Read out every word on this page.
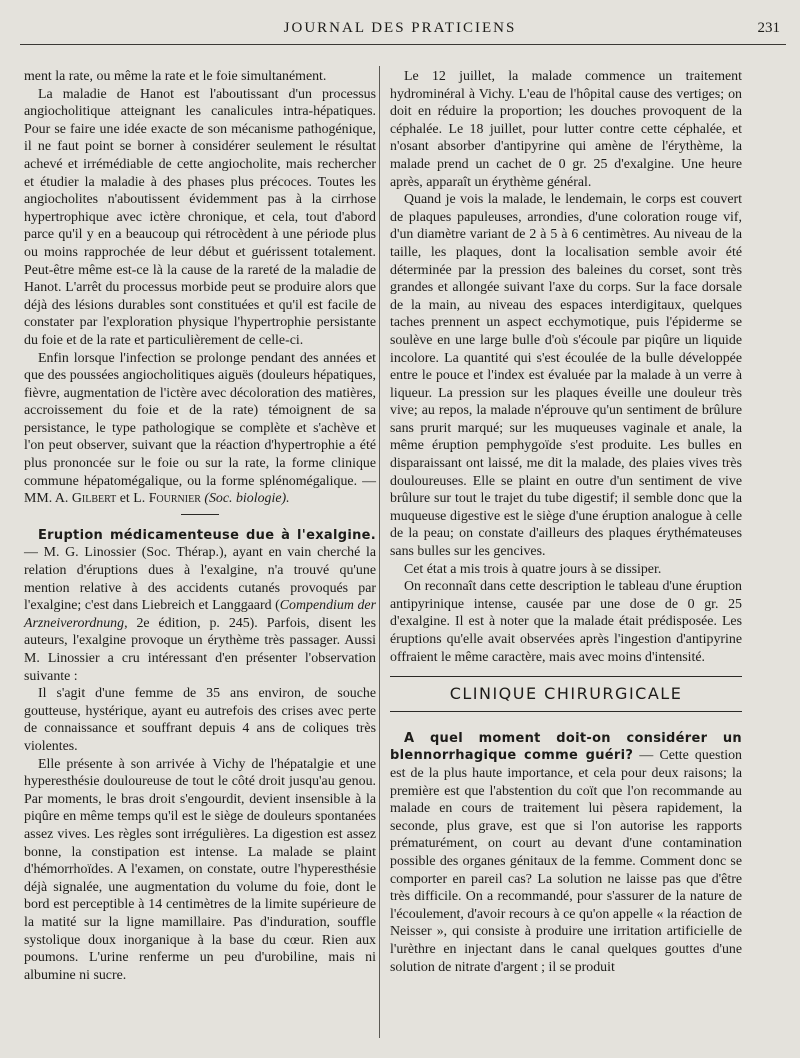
JOURNAL DES PRATICIENS	231

ment la rate, ou même la rate et le foie simultanément.

La maladie de Hanot est l'aboutissant d'un processus angiocholitique atteignant les canalicules intra-hépatiques. Pour se faire une idée exacte de son mécanisme pathogénique, il ne faut point se borner à considérer seulement le résultat achevé et irrémédiable de cette angiocholite, mais rechercher et étudier la maladie à des phases plus précoces. Toutes les angiocholites n'aboutissent évidemment pas à la cirrhose hypertrophique avec ictère chronique, et cela, tout d'abord parce qu'il y en a beaucoup qui rétrocèdent à une période plus ou moins rapprochée de leur début et guérissent totalement. Peut-être même est-ce là la cause de la rareté de la maladie de Hanot. L'arrêt du processus morbide peut se produire alors que déjà des lésions durables sont constituées et qu'il est facile de constater par l'exploration physique l'hypertrophie persistante du foie et de la rate et particulièrement de celle-ci.

Enfin lorsque l'infection se prolonge pendant des années et que des poussées angiocholitiques aiguës (douleurs hépatiques, fièvre, augmentation de l'ictère avec décoloration des matières, accroissement du foie et de la rate) témoignent de sa persistance, le type pathologique se complète et s'achève et l'on peut observer, suivant que la réaction d'hypertrophie a été plus prononcée sur le foie ou sur la rate, la forme clinique commune hépatomégalique, ou la forme splénomégalique. — MM. A. Gilbert et L. Fournier (Soc. biologie).

Eruption médicamenteuse due à l'exalgine. — M. G. Linossier (Soc. Thérap.), ayant en vain cherché la relation d'éruptions dues à l'exalgine, n'a trouvé qu'une mention relative à des accidents cutanés provoqués par l'exalgine; c'est dans Liebreich et Langgaard (Compendium der Arzneiverordnung, 2e édition, p. 245). Parfois, disent les auteurs, l'exalgine provoque un érythème très passager. Aussi M. Linossier a cru intéressant d'en présenter l'observation suivante :

Il s'agit d'une femme de 35 ans environ, de souche goutteuse, hystérique, ayant eu autrefois des crises avec perte de connaissance et souffrant depuis 4 ans de coliques très violentes.

Elle présente à son arrivée à Vichy de l'hépatalgie et une hyperesthésie douloureuse de tout le côté droit jusqu'au genou. Par moments, le bras droit s'engourdit, devient insensible à la piqûre en même temps qu'il est le siège de douleurs spontanées assez vives. Les règles sont irrégulières. La digestion est assez bonne, la constipation est intense. La malade se plaint d'hémorrhoïdes. A l'examen, on constate, outre l'hyperesthésie déjà signalée, une augmentation du volume du foie, dont le bord est perceptible à 14 centimètres de la limite supérieure de la matité sur la ligne mamillaire. Pas d'induration, souffle systolique doux inorganique à la base du cœur. Rien aux poumons. L'urine renferme un peu d'urobiline, mais ni albumine ni sucre.

Le 12 juillet, la malade commence un traitement hydrominéral à Vichy. L'eau de l'hôpital cause des vertiges; on doit en réduire la proportion; les douches provoquent de la céphalée. Le 18 juillet, pour lutter contre cette céphalée, et n'osant absorber d'antipyrine qui amène de l'érythème, la malade prend un cachet de 0 gr. 25 d'exalgine. Une heure après, apparaît un érythème général.

Quand je vois la malade, le lendemain, le corps est couvert de plaques papuleuses, arrondies, d'une coloration rouge vif, d'un diamètre variant de 2 à 5 à 6 centimètres. Au niveau de la taille, les plaques, dont la localisation semble avoir été déterminée par la pression des baleines du corset, sont très grandes et allongée suivant l'axe du corps. Sur la face dorsale de la main, au niveau des espaces interdigitaux, quelques taches prennent un aspect ecchymotique, puis l'épiderme se soulève en une large bulle d'où s'écoule par piqûre un liquide incolore. La quantité qui s'est écoulée de la bulle développée entre le pouce et l'index est évaluée par la malade à un verre à liqueur. La pression sur les plaques éveille une douleur très vive; au repos, la malade n'éprouve qu'un sentiment de brûlure sans prurit marqué; sur les muqueuses vaginale et anale, la même éruption pemphygoïde s'est produite. Les bulles en disparaissant ont laissé, me dit la malade, des plaies vives très douloureuses. Elle se plaint en outre d'un sentiment de vive brûlure sur tout le trajet du tube digestif; il semble donc que la muqueuse digestive est le siège d'une éruption analogue à celle de la peau; on constate d'ailleurs des plaques érythémateuses sans bulles sur les gencives.

Cet état a mis trois à quatre jours à se dissiper.

On reconnaît dans cette description le tableau d'une éruption antipyrinique intense, causée par une dose de 0 gr. 25 d'exalgine. Il est à noter que la malade était prédisposée. Les éruptions qu'elle avait observées après l'ingestion d'antipyrine offraient le même caractère, mais avec moins d'intensité.

CLINIQUE CHIRURGICALE

A quel moment doit-on considérer un blennorrhagique comme guéri? — Cette question est de la plus haute importance, et cela pour deux raisons; la première est que l'abstention du coït que l'on recommande au malade en cours de traitement lui pèsera rapidement, la seconde, plus grave, est que si l'on autorise les rapports prématurément, on court au devant d'une contamination possible des organes génitaux de la femme. Comment donc se comporter en pareil cas? La solution ne laisse pas que d'être très difficile. On a recommandé, pour s'assurer de la nature de l'écoulement, d'avoir recours à ce qu'on appelle « la réaction de Neisser », qui consiste à produire une irritation artificielle de l'urèthre en injectant dans le canal quelques gouttes d'une solution de nitrate d'argent ; il se produit
